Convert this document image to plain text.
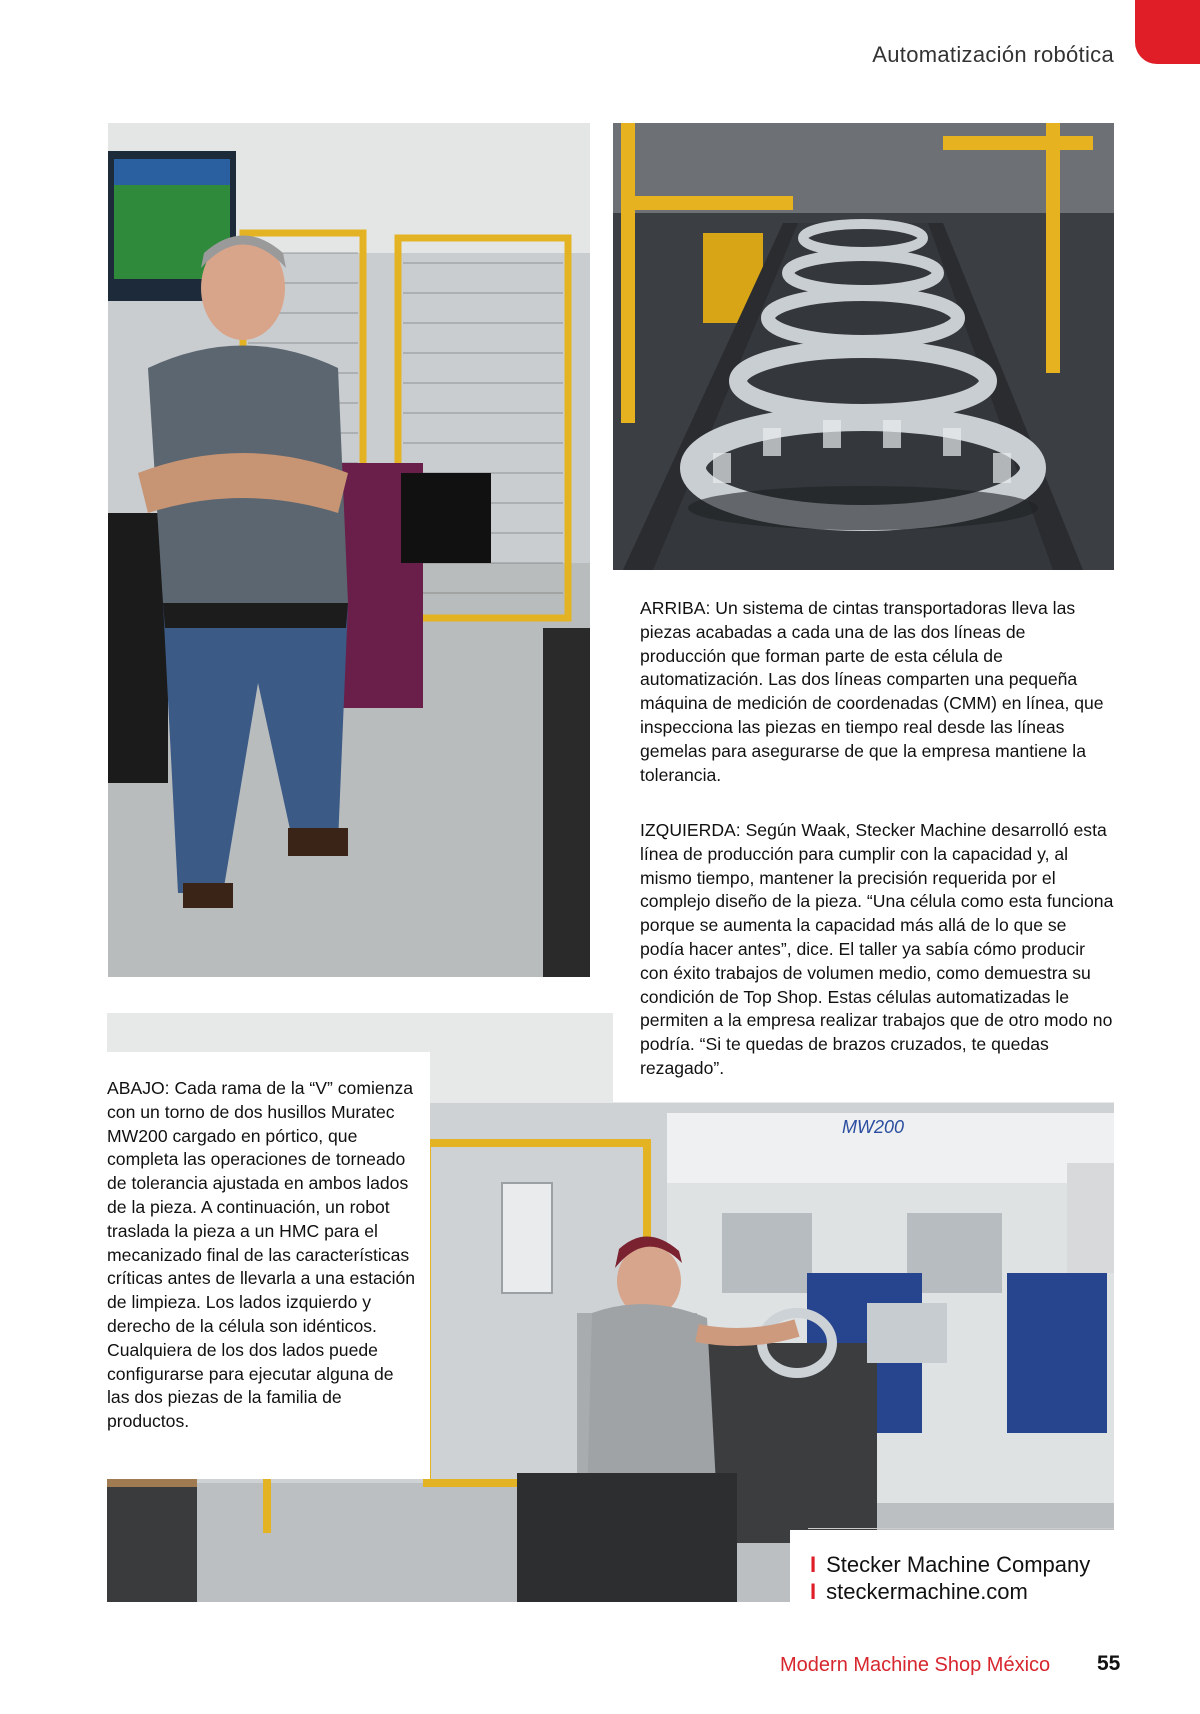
Automatización robótica
MW200

ARRIBA: Un sistema de cintas transportadoras lleva las piezas acabadas a cada una de las dos líneas de producción que forman parte de esta célula de automatización. Las dos líneas comparten una pequeña máquina de medición de coordenadas (CMM) en línea, que inspecciona las piezas en tiempo real desde las líneas gemelas para asegurarse de que la empresa mantiene la tolerancia.

IZQUIERDA: Según Waak, Stecker Machine desarrolló esta línea de producción para cumplir con la capacidad y, al mismo tiempo, mantener la precisión requerida por el complejo diseño de la pieza. “Una célula como esta funciona porque se aumenta la capacidad más allá de lo que se podía hacer antes”, dice. El taller ya sabía cómo producir con éxito trabajos de volumen medio, como demuestra su condición de Top Shop. Estas células automatizadas le permiten a la empresa realizar trabajos que de otro modo no podría. “Si te quedas de brazos cruzados, te quedas rezagado”.

ABAJO: Cada rama de la “V” comienza con un torno de dos husillos Muratec MW200 cargado en pórtico, que completa las operaciones de torneado de tolerancia ajustada en ambos lados de la pieza. A continuación, un robot traslada la pieza a un HMC para el mecanizado final de las características críticas antes de llevarla a una estación de limpieza. Los lados izquierdo y derecho de la célula son idénticos. Cualquiera de los dos lados puede configurarse para ejecutar alguna de las dos piezas de la familia de productos.

I Stecker Machine Company
I steckermachine.com
Modern Machine Shop México 55
